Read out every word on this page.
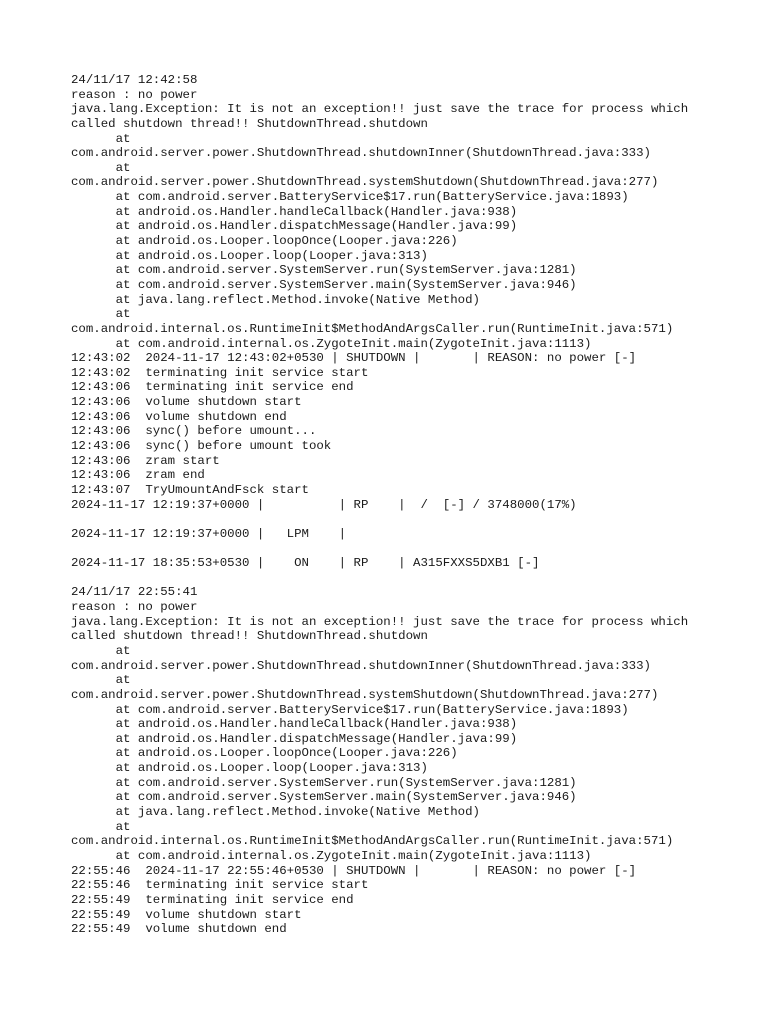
24/11/17 12:42:58
reason : no power
java.lang.Exception: It is not an exception!! just save the trace for process which
called shutdown thread!! ShutdownThread.shutdown
at
com.android.server.power.ShutdownThread.shutdownInner(ShutdownThread.java:333)
at
com.android.server.power.ShutdownThread.systemShutdown(ShutdownThread.java:277)
at com.android.server.BatteryService$17.run(BatteryService.java:1893)
at android.os.Handler.handleCallback(Handler.java:938)
at android.os.Handler.dispatchMessage(Handler.java:99)
at android.os.Looper.loopOnce(Looper.java:226)
at android.os.Looper.loop(Looper.java:313)
at com.android.server.SystemServer.run(SystemServer.java:1281)
at com.android.server.SystemServer.main(SystemServer.java:946)
at java.lang.reflect.Method.invoke(Native Method)
at
com.android.internal.os.RuntimeInit$MethodAndArgsCaller.run(RuntimeInit.java:571)
at com.android.internal.os.ZygoteInit.main(ZygoteInit.java:1113)
12:43:02  2024-11-17 12:43:02+0530 | SHUTDOWN |       | REASON: no power [-]
12:43:02  terminating init service start
12:43:06  terminating init service end
12:43:06  volume shutdown start
12:43:06  volume shutdown end
12:43:06  sync() before umount...
12:43:06  sync() before umount took
12:43:06  zram start
12:43:06  zram end
12:43:07  TryUmountAndFsck start
2024-11-17 12:19:37+0000 |          | RP    |  /  [-] / 3748000(17%)
2024-11-17 12:19:37+0000 |   LPM    |
2024-11-17 18:35:53+0530 |    ON    | RP    | A315FXXS5DXB1 [-]
24/11/17 22:55:41
reason : no power
java.lang.Exception: It is not an exception!! just save the trace for process which
called shutdown thread!! ShutdownThread.shutdown
at
com.android.server.power.ShutdownThread.shutdownInner(ShutdownThread.java:333)
at
com.android.server.power.ShutdownThread.systemShutdown(ShutdownThread.java:277)
at com.android.server.BatteryService$17.run(BatteryService.java:1893)
at android.os.Handler.handleCallback(Handler.java:938)
at android.os.Handler.dispatchMessage(Handler.java:99)
at android.os.Looper.loopOnce(Looper.java:226)
at android.os.Looper.loop(Looper.java:313)
at com.android.server.SystemServer.run(SystemServer.java:1281)
at com.android.server.SystemServer.main(SystemServer.java:946)
at java.lang.reflect.Method.invoke(Native Method)
at
com.android.internal.os.RuntimeInit$MethodAndArgsCaller.run(RuntimeInit.java:571)
at com.android.internal.os.ZygoteInit.main(ZygoteInit.java:1113)
22:55:46  2024-11-17 22:55:46+0530 | SHUTDOWN |       | REASON: no power [-]
22:55:46  terminating init service start
22:55:49  terminating init service end
22:55:49  volume shutdown start
22:55:49  volume shutdown end
